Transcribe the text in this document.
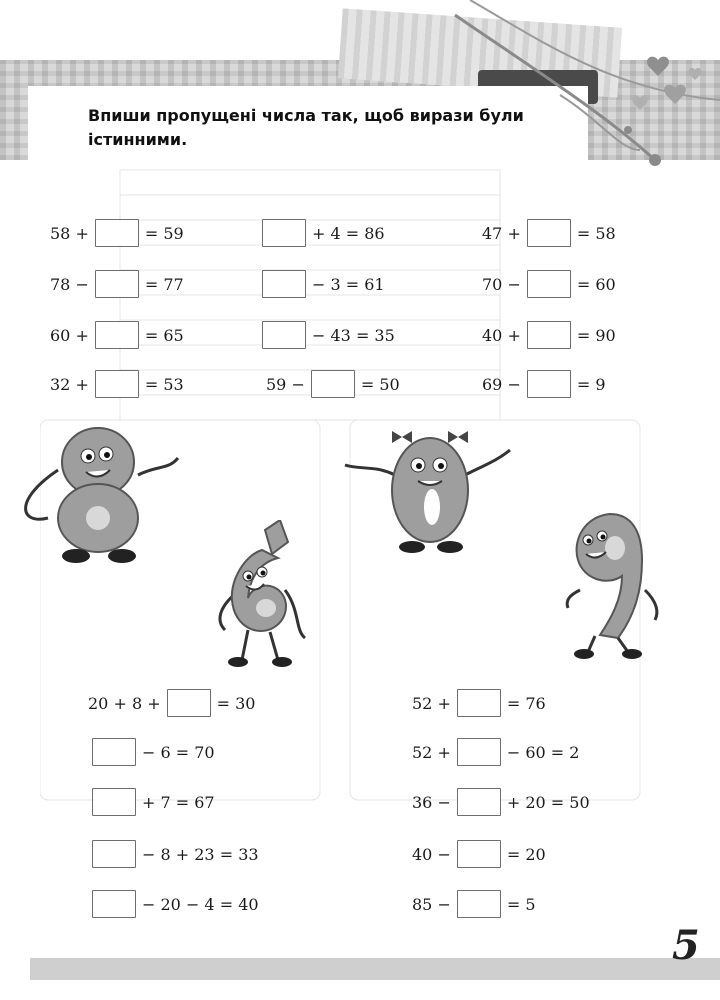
Впиши пропущені числа так, щоб вирази були істинними.

58 +	= 59	+ 4 = 86	47 +	= 58
78 −	= 77	− 3 = 61	70 −	= 60
60 +	= 65	− 43 = 35	40 +	= 90
32 +	= 53	59 −	= 50	69 −	= 9
20 + 8 +	= 30
− 6 = 70
+ 7 = 67
− 8 + 23 = 33
− 20 − 4 = 40
52 +	= 76
52 +	− 60 = 2
36 −	+ 20 = 50
40 −	= 20
85 −	= 5
5
